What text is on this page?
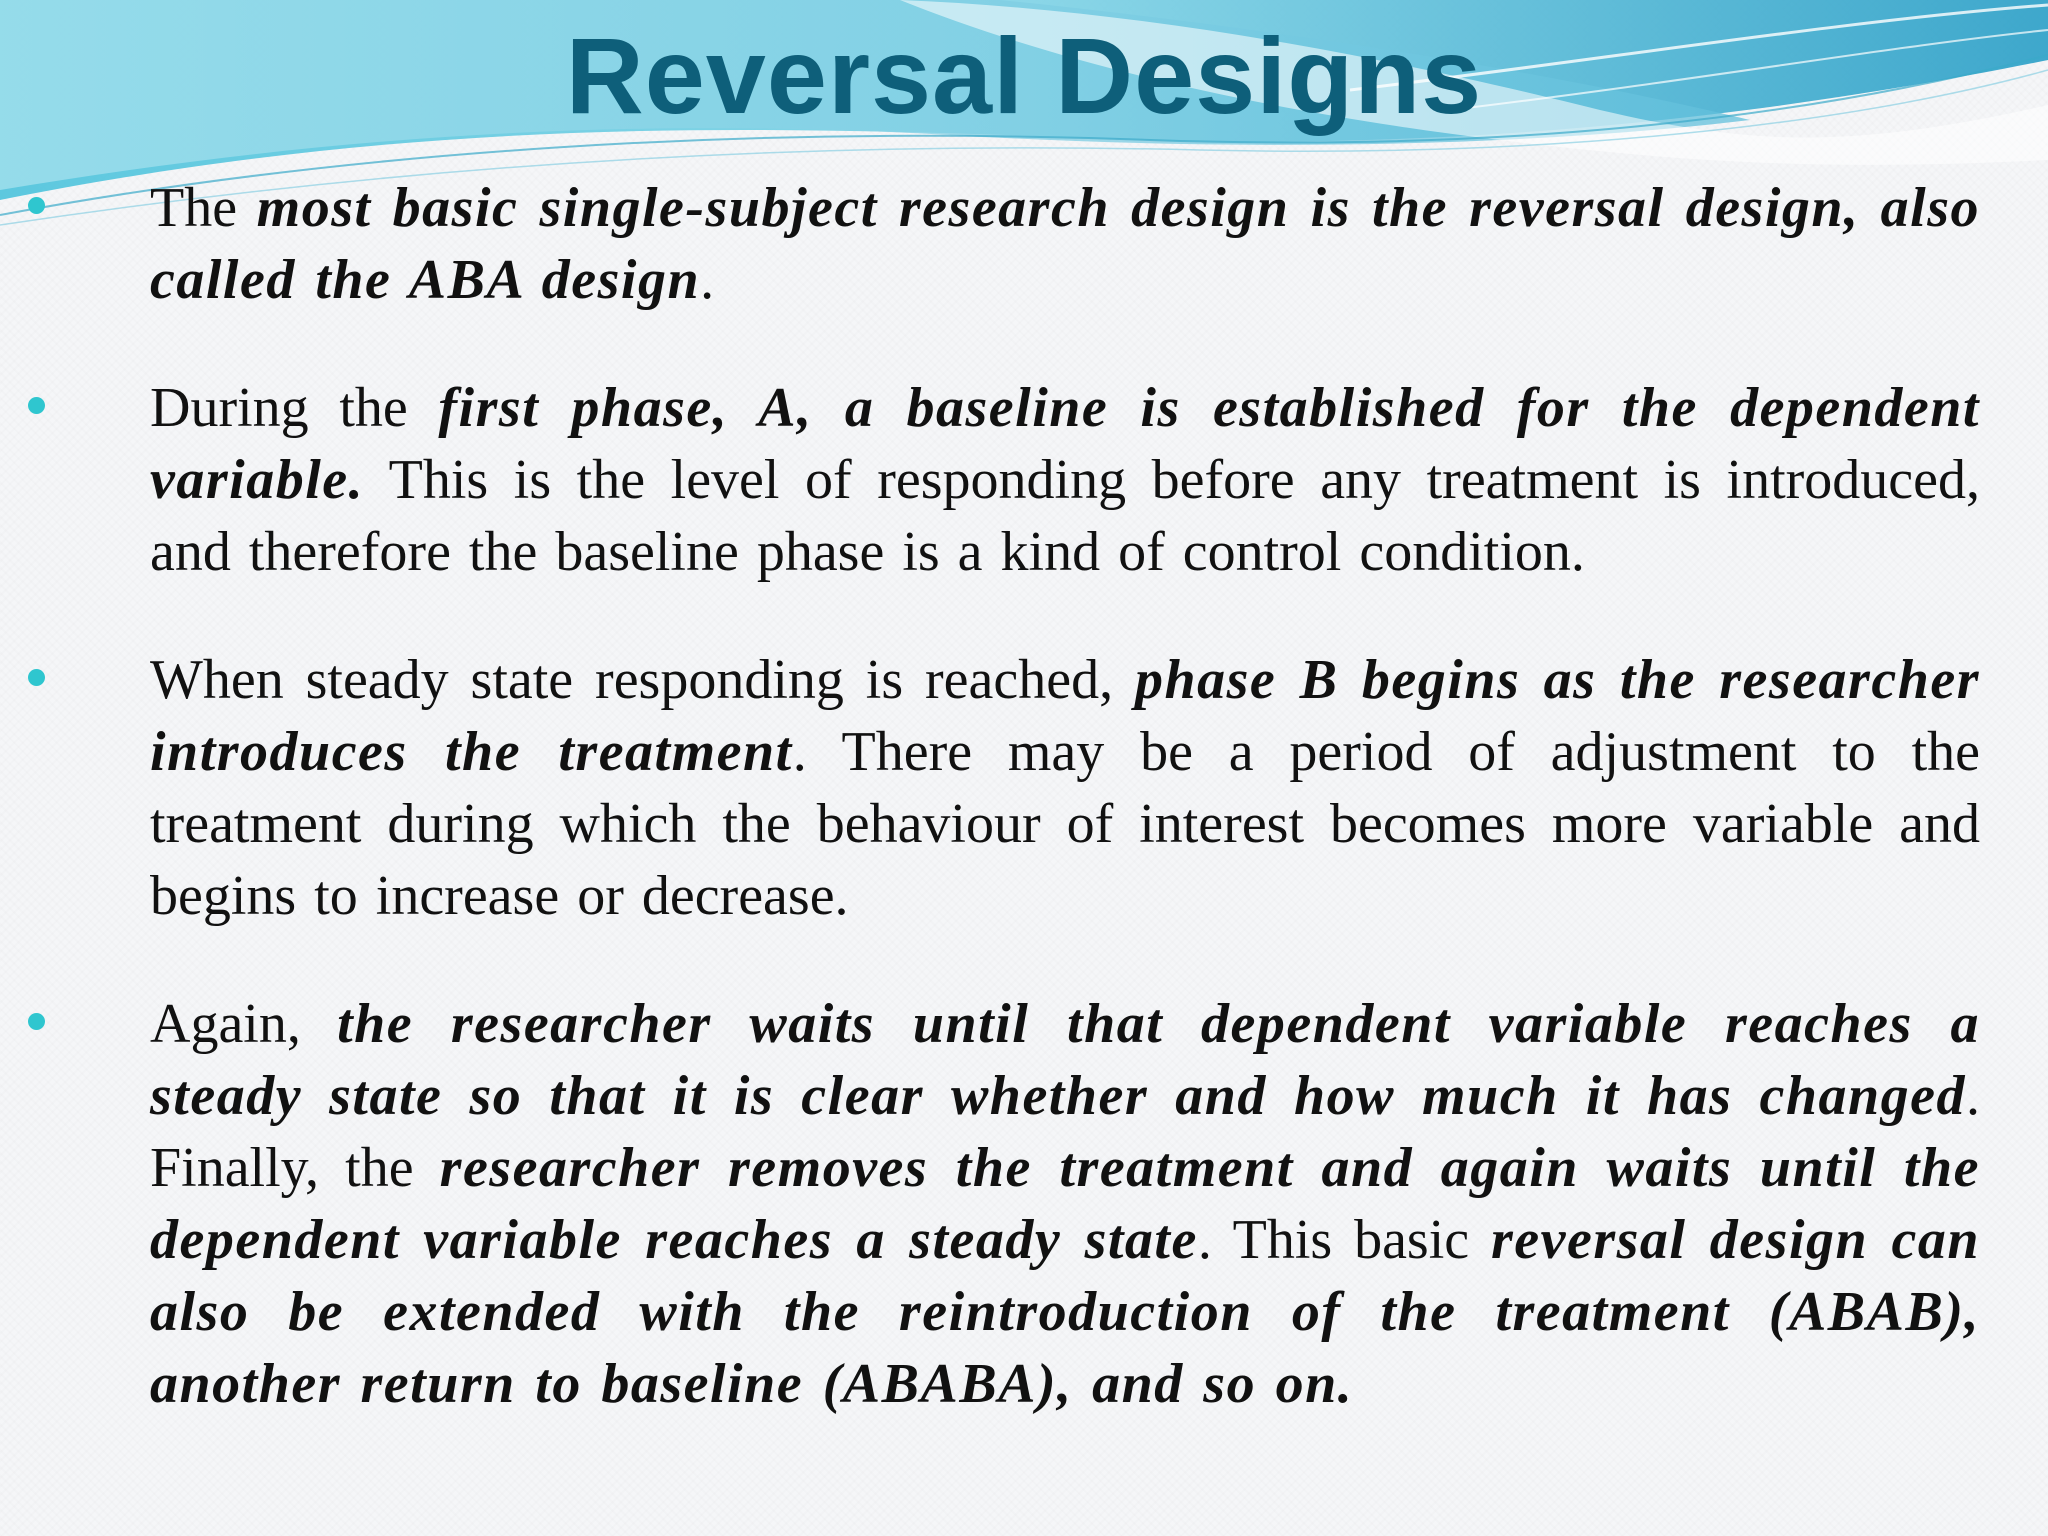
Reversal Designs
The most basic single-subject research design is the reversal design, also called the ABA design.
During the first phase, A, a baseline is established for the dependent variable. This is the level of responding before any treatment is introduced, and therefore the baseline phase is a kind of control condition.
When steady state responding is reached, phase B begins as the researcher introduces the treatment. There may be a period of adjustment to the treatment during which the behaviour of interest becomes more variable and begins to increase or decrease.
Again, the researcher waits until that dependent variable reaches a steady state so that it is clear whether and how much it has changed. Finally, the researcher removes the treatment and again waits until the dependent variable reaches a steady state. This basic reversal design can also be extended with the reintroduction of the treatment (ABAB), another return to baseline (ABABA), and so on.
